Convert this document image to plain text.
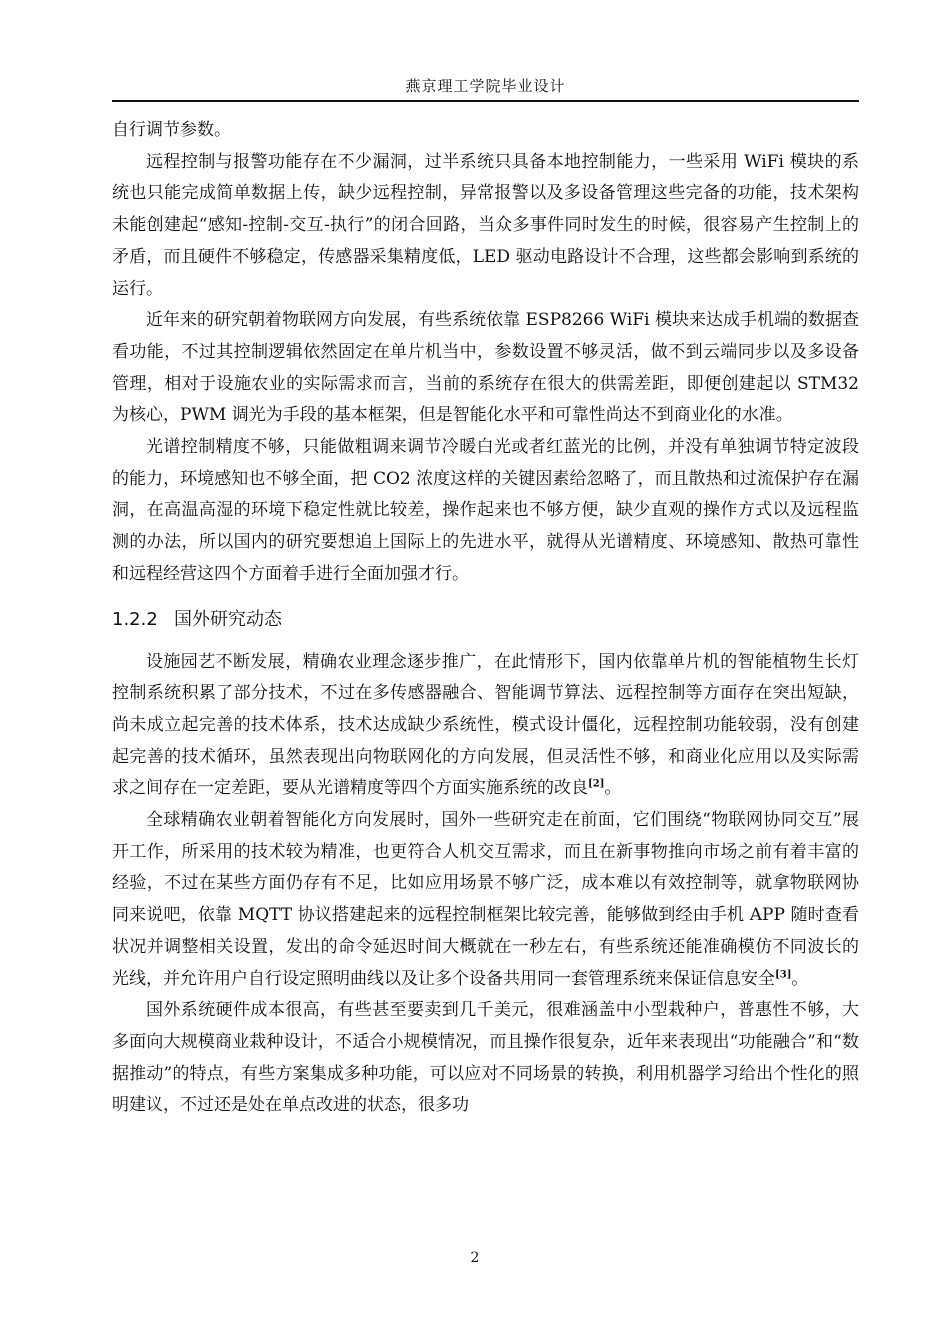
燕京理工学院毕业设计

自行调节参数。

远程控制与报警功能存在不少漏洞，过半系统只具备本地控制能力，一些采用 WiFi 模块的系统也只能完成简单数据上传，缺少远程控制，异常报警以及多设备管理这些完备的功能，技术架构未能创建起“感知-控制-交互-执行”的闭合回路，当众多事件同时发生的时候，很容易产生控制上的矛盾，而且硬件不够稳定，传感器采集精度低，LED 驱动电路设计不合理，这些都会影响到系统的运行。

近年来的研究朝着物联网方向发展，有些系统依靠 ESP8266 WiFi 模块来达成手机端的数据查看功能，不过其控制逻辑依然固定在单片机当中，参数设置不够灵活，做不到云端同步以及多设备管理，相对于设施农业的实际需求而言，当前的系统存在很大的供需差距，即便创建起以 STM32 为核心，PWM 调光为手段的基本框架，但是智能化水平和可靠性尚达不到商业化的水准。

光谱控制精度不够，只能做粗调来调节冷暖白光或者红蓝光的比例，并没有单独调节特定波段的能力，环境感知也不够全面，把 CO2 浓度这样的关键因素给忽略了，而且散热和过流保护存在漏洞，在高温高湿的环境下稳定性就比较差，操作起来也不够方便，缺少直观的操作方式以及远程监测的办法，所以国内的研究要想追上国际上的先进水平，就得从光谱精度、环境感知、散热可靠性和远程经营这四个方面着手进行全面加强才行。

1.2.2 国外研究动态

设施园艺不断发展，精确农业理念逐步推广，在此情形下，国内依靠单片机的智能植物生长灯控制系统积累了部分技术，不过在多传感器融合、智能调节算法、远程控制等方面存在突出短缺，尚未成立起完善的技术体系，技术达成缺少系统性，模式设计僵化，远程控制功能较弱，没有创建起完善的技术循环，虽然表现出向物联网化的方向发展，但灵活性不够，和商业化应用以及实际需求之间存在一定差距，要从光谱精度等四个方面实施系统的改良[2]。

全球精确农业朝着智能化方向发展时，国外一些研究走在前面，它们围绕“物联网协同交互”展开工作，所采用的技术较为精准，也更符合人机交互需求，而且在新事物推向市场之前有着丰富的经验，不过在某些方面仍存有不足，比如应用场景不够广泛，成本难以有效控制等，就拿物联网协同来说吧，依靠 MQTT 协议搭建起来的远程控制框架比较完善，能够做到经由手机 APP 随时查看状况并调整相关设置，发出的命令延迟时间大概就在一秒左右，有些系统还能准确模仿不同波长的光线，并允许用户自行设定照明曲线以及让多个设备共用同一套管理系统来保证信息安全[3]。

国外系统硬件成本很高，有些甚至要卖到几千美元，很难涵盖中小型栽种户，普惠性不够，大多面向大规模商业栽种设计，不适合小规模情况，而且操作很复杂，近年来表现出“功能融合”和“数据推动”的特点，有些方案集成多种功能，可以应对不同场景的转换，利用机器学习给出个性化的照明建议，不过还是处在单点改进的状态，很多功

2
